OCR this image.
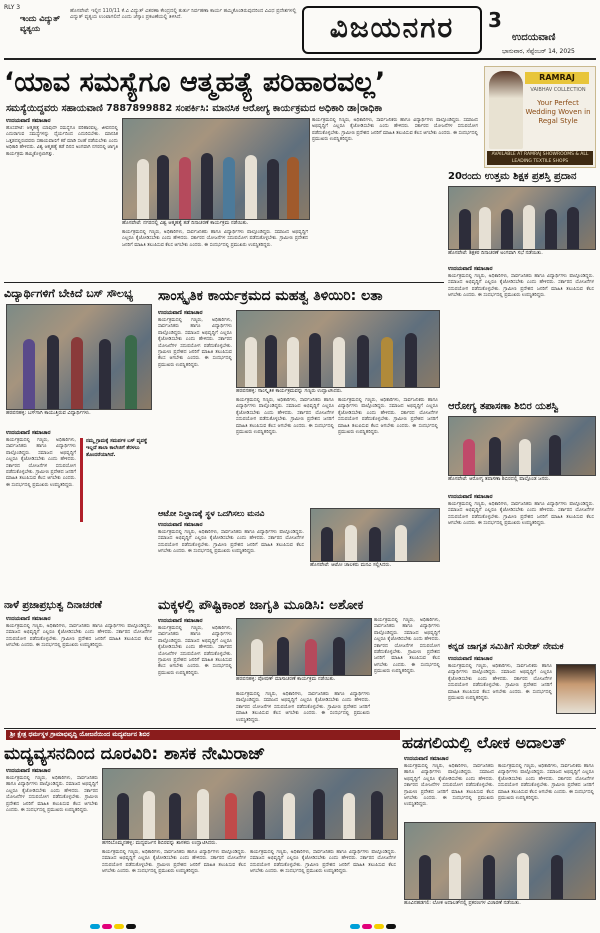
RLY 3
ಇಂದು ವಿದ್ಯುತ್ ವ್ಯತ್ಯಯ
ಹೊಸಪೇಟೆ: ಇಲ್ಲಿನ 110/11 ಕೆ.ವಿ ವಿದ್ಯುತ್ ವಿತರಣಾ ಕೇಂದ್ರದಲ್ಲಿ ತುರ್ತು ನಿರ್ವಹಣಾ ಕಾರ್ಯ ಹಮ್ಮಿಕೊಂಡಿರುವುದರಿಂದ ವಿವಿಧ ಪ್ರದೇಶಗಳಲ್ಲಿ ವಿದ್ಯುತ್ ವ್ಯತ್ಯಯ ಉಂಟಾಗಲಿದೆ ಎಂದು ಜೆಸ್ಕಾಂ ಪ್ರಕಟಣೆಯಲ್ಲಿ ತಿಳಿಸಿದೆ.	ವಿಜಯನಗರ	3
ಉದಯವಾಣಿ
ಭಾನುವಾರ, ಸೆಪ್ಟೆಂಬರ್ 14, 2025
‘ಯಾವ ಸಮಸ್ಯೆಗೂ ಆತ್ಮಹತ್ಯೆ ಪರಿಹಾರವಲ್ಲ’
ಸಮಸ್ಯೆಯಿದ್ದವರು ಸಹಾಯವಾಣಿ 7887899882 ಸಂಪರ್ಕಿಸಿ: ಮಾನಸಿಕ ಆರೋಗ್ಯ ಕಾರ್ಯಕ್ರಮದ ಅಧಿಕಾರಿ ಡಾ|ರಾಧಿಕಾ
ಉದಯವಾಣಿ ಸಮಾಚಾರ
ಹೊಸಪೇಟೆ: ಆತ್ಮಹತ್ಯೆ ಯಾವುದೇ ಸಮಸ್ಯೆಗೂ ಪರಿಹಾರವಲ್ಲ. ಜೀವನದಲ್ಲಿ ಎದುರಾಗುವ ಸಮಸ್ಯೆಗಳನ್ನು ಧೈರ್ಯದಿಂದ ಎದುರಿಸಬೇಕು. ಮಾನಸಿಕ ಒತ್ತಡದಲ್ಲಿರುವವರು ಸಹಾಯವಾಣಿಗೆ ಕರೆ ಮಾಡಿ ಸಲಹೆ ಪಡೆಯಬೇಕು ಎಂದು ಅಧಿಕಾರಿ ಹೇಳಿದರು. ವಿಶ್ವ ಆತ್ಮಹತ್ಯೆ ತಡೆ ದಿನದ ಅಂಗವಾಗಿ ನಗರದಲ್ಲಿ ಜಾಗೃತಿ ಕಾರ್ಯಕ್ರಮ ಹಮ್ಮಿಕೊಳ್ಳಲಾಗಿತ್ತು.
ಹೊಸಪೇಟೆ: ನಗರದಲ್ಲಿ ವಿಶ್ವ ಆತ್ಮಹತ್ಯೆ ತಡೆ ದಿನಾಚರಣೆ ಕಾರ್ಯಕ್ರಮ ನಡೆಯಿತು.
ಕಾರ್ಯಕ್ರಮದಲ್ಲಿ ಗಣ್ಯರು, ಅಧಿಕಾರಿಗಳು, ಸಾರ್ವಜನಿಕರು ಹಾಗೂ ವಿದ್ಯಾರ್ಥಿಗಳು ಪಾಲ್ಗೊಂಡಿದ್ದರು. ಸಮಾಜದ ಅಭಿವೃದ್ಧಿಗೆ ಎಲ್ಲರೂ ಕೈಜೋಡಿಸಬೇಕು ಎಂದು ಹೇಳಿದರು. ಸರ್ಕಾರದ ಯೋಜನೆಗಳ ಸದುಪಯೋಗ ಪಡೆದುಕೊಳ್ಳಬೇಕು. ಗ್ರಾಮೀಣ ಪ್ರದೇಶದ ಜನರಿಗೆ ಮಾಹಿತಿ ತಲುಪಿಸುವ ಕೆಲಸ ಆಗಬೇಕು ಎಂದರು. ಈ ಸಂದರ್ಭದಲ್ಲಿ ಪ್ರಮುಖರು ಉಪಸ್ಥಿತರಿದ್ದರು.
ಕಾರ್ಯಕ್ರಮದಲ್ಲಿ ಗಣ್ಯರು, ಅಧಿಕಾರಿಗಳು, ಸಾರ್ವಜನಿಕರು ಹಾಗೂ ವಿದ್ಯಾರ್ಥಿಗಳು ಪಾಲ್ಗೊಂಡಿದ್ದರು. ಸಮಾಜದ ಅಭಿವೃದ್ಧಿಗೆ ಎಲ್ಲರೂ ಕೈಜೋಡಿಸಬೇಕು ಎಂದು ಹೇಳಿದರು. ಸರ್ಕಾರದ ಯೋಜನೆಗಳ ಸದುಪಯೋಗ ಪಡೆದುಕೊಳ್ಳಬೇಕು. ಗ್ರಾಮೀಣ ಪ್ರದೇಶದ ಜನರಿಗೆ ಮಾಹಿತಿ ತಲುಪಿಸುವ ಕೆಲಸ ಆಗಬೇಕು ಎಂದರು. ಈ ಸಂದರ್ಭದಲ್ಲಿ ಪ್ರಮುಖರು ಉಪಸ್ಥಿತರಿದ್ದರು.
RAMRAJ
VAIBHAV COLLECTION
Your Perfect Wedding Woven in Regal Style
AVAILABLE AT RAMRAJ SHOWROOMS & ALL LEADING TEXTILE SHOPS
20ರಂದು ಉತ್ತಮ ಶಿಕ್ಷಕ ಪ್ರಶಸ್ತಿ ಪ್ರದಾನ
ಹೊಸಪೇಟೆ: ಶಿಕ್ಷಕರ ದಿನಾಚರಣೆ ಅಂಗವಾಗಿ ಸಭೆ ನಡೆಯಿತು.
ಉದಯವಾಣಿ ಸಮಾಚಾರ
ಕಾರ್ಯಕ್ರಮದಲ್ಲಿ ಗಣ್ಯರು, ಅಧಿಕಾರಿಗಳು, ಸಾರ್ವಜನಿಕರು ಹಾಗೂ ವಿದ್ಯಾರ್ಥಿಗಳು ಪಾಲ್ಗೊಂಡಿದ್ದರು. ಸಮಾಜದ ಅಭಿವೃದ್ಧಿಗೆ ಎಲ್ಲರೂ ಕೈಜೋಡಿಸಬೇಕು ಎಂದು ಹೇಳಿದರು. ಸರ್ಕಾರದ ಯೋಜನೆಗಳ ಸದುಪಯೋಗ ಪಡೆದುಕೊಳ್ಳಬೇಕು. ಗ್ರಾಮೀಣ ಪ್ರದೇಶದ ಜನರಿಗೆ ಮಾಹಿತಿ ತಲುಪಿಸುವ ಕೆಲಸ ಆಗಬೇಕು ಎಂದರು. ಈ ಸಂದರ್ಭದಲ್ಲಿ ಪ್ರಮುಖರು ಉಪಸ್ಥಿತರಿದ್ದರು.
ವಿದ್ಯಾರ್ಥಿಗಳಿಗೆ ಬೇಕಿದೆ ಬಸ್‌ ಸೌಲಭ್ಯ
ಹರಪನಹಳ್ಳಿ: ಬಸ್‌ಗಾಗಿ ಕಾಯುತ್ತಿರುವ ವಿದ್ಯಾರ್ಥಿಗಳು.
ಉದಯವಾಣಿ ಸಮಾಚಾರ
ಕಾರ್ಯಕ್ರಮದಲ್ಲಿ ಗಣ್ಯರು, ಅಧಿಕಾರಿಗಳು, ಸಾರ್ವಜನಿಕರು ಹಾಗೂ ವಿದ್ಯಾರ್ಥಿಗಳು ಪಾಲ್ಗೊಂಡಿದ್ದರು. ಸಮಾಜದ ಅಭಿವೃದ್ಧಿಗೆ ಎಲ್ಲರೂ ಕೈಜೋಡಿಸಬೇಕು ಎಂದು ಹೇಳಿದರು. ಸರ್ಕಾರದ ಯೋಜನೆಗಳ ಸದುಪಯೋಗ ಪಡೆದುಕೊಳ್ಳಬೇಕು. ಗ್ರಾಮೀಣ ಪ್ರದೇಶದ ಜನರಿಗೆ ಮಾಹಿತಿ ತಲುಪಿಸುವ ಕೆಲಸ ಆಗಬೇಕು ಎಂದರು. ಈ ಸಂದರ್ಭದಲ್ಲಿ ಪ್ರಮುಖರು ಉಪಸ್ಥಿತರಿದ್ದರು.
ನಮ್ಮ ಗ್ರಾಮಕ್ಕೆ ಸಮರ್ಪಕ ಬಸ್ ವ್ಯವಸ್ಥೆ ಇಲ್ಲದೆ ಶಾಲಾ ಕಾಲೇಜಿಗೆ ತೆರಳಲು ತೊಂದರೆಯಾಗಿದೆ.
ಸಾಂಸ್ಕೃತಿಕ ಕಾರ್ಯಕ್ರಮದ ಮಹತ್ವ ತಿಳಿಯಿರಿ: ಲತಾ
ಹರಪನಹಳ್ಳಿ: ಸಾಂಸ್ಕೃತಿಕ ಕಾರ್ಯಕ್ರಮವನ್ನು ಗಣ್ಯರು ಉದ್ಘಾಟಿಸಿದರು.
ಉದಯವಾಣಿ ಸಮಾಚಾರ
ಕಾರ್ಯಕ್ರಮದಲ್ಲಿ ಗಣ್ಯರು, ಅಧಿಕಾರಿಗಳು, ಸಾರ್ವಜನಿಕರು ಹಾಗೂ ವಿದ್ಯಾರ್ಥಿಗಳು ಪಾಲ್ಗೊಂಡಿದ್ದರು. ಸಮಾಜದ ಅಭಿವೃದ್ಧಿಗೆ ಎಲ್ಲರೂ ಕೈಜೋಡಿಸಬೇಕು ಎಂದು ಹೇಳಿದರು. ಸರ್ಕಾರದ ಯೋಜನೆಗಳ ಸದುಪಯೋಗ ಪಡೆದುಕೊಳ್ಳಬೇಕು. ಗ್ರಾಮೀಣ ಪ್ರದೇಶದ ಜನರಿಗೆ ಮಾಹಿತಿ ತಲುಪಿಸುವ ಕೆಲಸ ಆಗಬೇಕು ಎಂದರು. ಈ ಸಂದರ್ಭದಲ್ಲಿ ಪ್ರಮುಖರು ಉಪಸ್ಥಿತರಿದ್ದರು.
ಕಾರ್ಯಕ್ರಮದಲ್ಲಿ ಗಣ್ಯರು, ಅಧಿಕಾರಿಗಳು, ಸಾರ್ವಜನಿಕರು ಹಾಗೂ ವಿದ್ಯಾರ್ಥಿಗಳು ಪಾಲ್ಗೊಂಡಿದ್ದರು. ಸಮಾಜದ ಅಭಿವೃದ್ಧಿಗೆ ಎಲ್ಲರೂ ಕೈಜೋಡಿಸಬೇಕು ಎಂದು ಹೇಳಿದರು. ಸರ್ಕಾರದ ಯೋಜನೆಗಳ ಸದುಪಯೋಗ ಪಡೆದುಕೊಳ್ಳಬೇಕು. ಗ್ರಾಮೀಣ ಪ್ರದೇಶದ ಜನರಿಗೆ ಮಾಹಿತಿ ತಲುಪಿಸುವ ಕೆಲಸ ಆಗಬೇಕು ಎಂದರು. ಈ ಸಂದರ್ಭದಲ್ಲಿ ಪ್ರಮುಖರು ಉಪಸ್ಥಿತರಿದ್ದರು.
ಕಾರ್ಯಕ್ರಮದಲ್ಲಿ ಗಣ್ಯರು, ಅಧಿಕಾರಿಗಳು, ಸಾರ್ವಜನಿಕರು ಹಾಗೂ ವಿದ್ಯಾರ್ಥಿಗಳು ಪಾಲ್ಗೊಂಡಿದ್ದರು. ಸಮಾಜದ ಅಭಿವೃದ್ಧಿಗೆ ಎಲ್ಲರೂ ಕೈಜೋಡಿಸಬೇಕು ಎಂದು ಹೇಳಿದರು. ಸರ್ಕಾರದ ಯೋಜನೆಗಳ ಸದುಪಯೋಗ ಪಡೆದುಕೊಳ್ಳಬೇಕು. ಗ್ರಾಮೀಣ ಪ್ರದೇಶದ ಜನರಿಗೆ ಮಾಹಿತಿ ತಲುಪಿಸುವ ಕೆಲಸ ಆಗಬೇಕು ಎಂದರು. ಈ ಸಂದರ್ಭದಲ್ಲಿ ಪ್ರಮುಖರು ಉಪಸ್ಥಿತರಿದ್ದರು.
ಆರೋಗ್ಯ ತಪಾಸಣಾ ಶಿಬಿರ ಯಶಸ್ವಿ
ಹೊಸಪೇಟೆ: ಆರೋಗ್ಯ ತಪಾಸಣಾ ಶಿಬಿರದಲ್ಲಿ ಪಾಲ್ಗೊಂಡ ಜನರು.
ಉದಯವಾಣಿ ಸಮಾಚಾರ
ಕಾರ್ಯಕ್ರಮದಲ್ಲಿ ಗಣ್ಯರು, ಅಧಿಕಾರಿಗಳು, ಸಾರ್ವಜನಿಕರು ಹಾಗೂ ವಿದ್ಯಾರ್ಥಿಗಳು ಪಾಲ್ಗೊಂಡಿದ್ದರು. ಸಮಾಜದ ಅಭಿವೃದ್ಧಿಗೆ ಎಲ್ಲರೂ ಕೈಜೋಡಿಸಬೇಕು ಎಂದು ಹೇಳಿದರು. ಸರ್ಕಾರದ ಯೋಜನೆಗಳ ಸದುಪಯೋಗ ಪಡೆದುಕೊಳ್ಳಬೇಕು. ಗ್ರಾಮೀಣ ಪ್ರದೇಶದ ಜನರಿಗೆ ಮಾಹಿತಿ ತಲುಪಿಸುವ ಕೆಲಸ ಆಗಬೇಕು ಎಂದರು. ಈ ಸಂದರ್ಭದಲ್ಲಿ ಪ್ರಮುಖರು ಉಪಸ್ಥಿತರಿದ್ದರು.
ಆಟೋ ನಿಲ್ದಾಣಕ್ಕೆ ಸ್ಥಳ ಒದಗಿಸಲು ಮನವಿ
ಉದಯವಾಣಿ ಸಮಾಚಾರ
ಕಾರ್ಯಕ್ರಮದಲ್ಲಿ ಗಣ್ಯರು, ಅಧಿಕಾರಿಗಳು, ಸಾರ್ವಜನಿಕರು ಹಾಗೂ ವಿದ್ಯಾರ್ಥಿಗಳು ಪಾಲ್ಗೊಂಡಿದ್ದರು. ಸಮಾಜದ ಅಭಿವೃದ್ಧಿಗೆ ಎಲ್ಲರೂ ಕೈಜೋಡಿಸಬೇಕು ಎಂದು ಹೇಳಿದರು. ಸರ್ಕಾರದ ಯೋಜನೆಗಳ ಸದುಪಯೋಗ ಪಡೆದುಕೊಳ್ಳಬೇಕು. ಗ್ರಾಮೀಣ ಪ್ರದೇಶದ ಜನರಿಗೆ ಮಾಹಿತಿ ತಲುಪಿಸುವ ಕೆಲಸ ಆಗಬೇಕು ಎಂದರು. ಈ ಸಂದರ್ಭದಲ್ಲಿ ಪ್ರಮುಖರು ಉಪಸ್ಥಿತರಿದ್ದರು.
ಹೊಸಪೇಟೆ: ಆಟೋ ಚಾಲಕರು ಮನವಿ ಸಲ್ಲಿಸಿದರು.
ಮಕ್ಕಳಲ್ಲಿ ಪೌಷ್ಟಿಕಾಂಶ ಜಾಗೃತಿ ಮೂಡಿಸಿ: ಅಶೋಕ
ಉದಯವಾಣಿ ಸಮಾಚಾರ
ಕಾರ್ಯಕ್ರಮದಲ್ಲಿ ಗಣ್ಯರು, ಅಧಿಕಾರಿಗಳು, ಸಾರ್ವಜನಿಕರು ಹಾಗೂ ವಿದ್ಯಾರ್ಥಿಗಳು ಪಾಲ್ಗೊಂಡಿದ್ದರು. ಸಮಾಜದ ಅಭಿವೃದ್ಧಿಗೆ ಎಲ್ಲರೂ ಕೈಜೋಡಿಸಬೇಕು ಎಂದು ಹೇಳಿದರು. ಸರ್ಕಾರದ ಯೋಜನೆಗಳ ಸದುಪಯೋಗ ಪಡೆದುಕೊಳ್ಳಬೇಕು. ಗ್ರಾಮೀಣ ಪ್ರದೇಶದ ಜನರಿಗೆ ಮಾಹಿತಿ ತಲುಪಿಸುವ ಕೆಲಸ ಆಗಬೇಕು ಎಂದರು. ಈ ಸಂದರ್ಭದಲ್ಲಿ ಪ್ರಮುಖರು ಉಪಸ್ಥಿತರಿದ್ದರು.
ಹರಪನಹಳ್ಳಿ: ಪೋಷಣ್ ಮಾಸಾಚರಣೆ ಕಾರ್ಯಕ್ರಮ ನಡೆಯಿತು.
ಕಾರ್ಯಕ್ರಮದಲ್ಲಿ ಗಣ್ಯರು, ಅಧಿಕಾರಿಗಳು, ಸಾರ್ವಜನಿಕರು ಹಾಗೂ ವಿದ್ಯಾರ್ಥಿಗಳು ಪಾಲ್ಗೊಂಡಿದ್ದರು. ಸಮಾಜದ ಅಭಿವೃದ್ಧಿಗೆ ಎಲ್ಲರೂ ಕೈಜೋಡಿಸಬೇಕು ಎಂದು ಹೇಳಿದರು. ಸರ್ಕಾರದ ಯೋಜನೆಗಳ ಸದುಪಯೋಗ ಪಡೆದುಕೊಳ್ಳಬೇಕು. ಗ್ರಾಮೀಣ ಪ್ರದೇಶದ ಜನರಿಗೆ ಮಾಹಿತಿ ತಲುಪಿಸುವ ಕೆಲಸ ಆಗಬೇಕು ಎಂದರು. ಈ ಸಂದರ್ಭದಲ್ಲಿ ಪ್ರಮುಖರು ಉಪಸ್ಥಿತರಿದ್ದರು.
ಕಾರ್ಯಕ್ರಮದಲ್ಲಿ ಗಣ್ಯರು, ಅಧಿಕಾರಿಗಳು, ಸಾರ್ವಜನಿಕರು ಹಾಗೂ ವಿದ್ಯಾರ್ಥಿಗಳು ಪಾಲ್ಗೊಂಡಿದ್ದರು. ಸಮಾಜದ ಅಭಿವೃದ್ಧಿಗೆ ಎಲ್ಲರೂ ಕೈಜೋಡಿಸಬೇಕು ಎಂದು ಹೇಳಿದರು. ಸರ್ಕಾರದ ಯೋಜನೆಗಳ ಸದುಪಯೋಗ ಪಡೆದುಕೊಳ್ಳಬೇಕು. ಗ್ರಾಮೀಣ ಪ್ರದೇಶದ ಜನರಿಗೆ ಮಾಹಿತಿ ತಲುಪಿಸುವ ಕೆಲಸ ಆಗಬೇಕು ಎಂದರು. ಈ ಸಂದರ್ಭದಲ್ಲಿ ಪ್ರಮುಖರು ಉಪಸ್ಥಿತರಿದ್ದರು.
ನಾಳೆ ಪ್ರಜಾಪ್ರಭುತ್ವ ದಿನಾಚರಣೆ
ಉದಯವಾಣಿ ಸಮಾಚಾರ
ಕಾರ್ಯಕ್ರಮದಲ್ಲಿ ಗಣ್ಯರು, ಅಧಿಕಾರಿಗಳು, ಸಾರ್ವಜನಿಕರು ಹಾಗೂ ವಿದ್ಯಾರ್ಥಿಗಳು ಪಾಲ್ಗೊಂಡಿದ್ದರು. ಸಮಾಜದ ಅಭಿವೃದ್ಧಿಗೆ ಎಲ್ಲರೂ ಕೈಜೋಡಿಸಬೇಕು ಎಂದು ಹೇಳಿದರು. ಸರ್ಕಾರದ ಯೋಜನೆಗಳ ಸದುಪಯೋಗ ಪಡೆದುಕೊಳ್ಳಬೇಕು. ಗ್ರಾಮೀಣ ಪ್ರದೇಶದ ಜನರಿಗೆ ಮಾಹಿತಿ ತಲುಪಿಸುವ ಕೆಲಸ ಆಗಬೇಕು ಎಂದರು. ಈ ಸಂದರ್ಭದಲ್ಲಿ ಪ್ರಮುಖರು ಉಪಸ್ಥಿತರಿದ್ದರು.	ಕನ್ನಡ ಜಾಗೃತ ಸಮಿತಿಗೆ ಸುರೇಶ್ ನೇಮಕ
ಉದಯವಾಣಿ ಸಮಾಚಾರ
ಕಾರ್ಯಕ್ರಮದಲ್ಲಿ ಗಣ್ಯರು, ಅಧಿಕಾರಿಗಳು, ಸಾರ್ವಜನಿಕರು ಹಾಗೂ ವಿದ್ಯಾರ್ಥಿಗಳು ಪಾಲ್ಗೊಂಡಿದ್ದರು. ಸಮಾಜದ ಅಭಿವೃದ್ಧಿಗೆ ಎಲ್ಲರೂ ಕೈಜೋಡಿಸಬೇಕು ಎಂದು ಹೇಳಿದರು. ಸರ್ಕಾರದ ಯೋಜನೆಗಳ ಸದುಪಯೋಗ ಪಡೆದುಕೊಳ್ಳಬೇಕು. ಗ್ರಾಮೀಣ ಪ್ರದೇಶದ ಜನರಿಗೆ ಮಾಹಿತಿ ತಲುಪಿಸುವ ಕೆಲಸ ಆಗಬೇಕು ಎಂದರು. ಈ ಸಂದರ್ಭದಲ್ಲಿ ಪ್ರಮುಖರು ಉಪಸ್ಥಿತರಿದ್ದರು.
ಶ್ರೀ ಕ್ಷೇತ್ರ ಧರ್ಮಸ್ಥಳ ಗ್ರಾಮಾಭಿವೃದ್ಧಿ ಯೋಜನೆಯಿಂದ ಮದ್ಯವರ್ಜನ ಶಿಬಿರ
ಮದ್ಯವ್ಯಸನದಿಂದ ದೂರವಿರಿ: ಶಾಸಕ ನೇಮಿರಾಜ್
ಉದಯವಾಣಿ ಸಮಾಚಾರ
ಕಾರ್ಯಕ್ರಮದಲ್ಲಿ ಗಣ್ಯರು, ಅಧಿಕಾರಿಗಳು, ಸಾರ್ವಜನಿಕರು ಹಾಗೂ ವಿದ್ಯಾರ್ಥಿಗಳು ಪಾಲ್ಗೊಂಡಿದ್ದರು. ಸಮಾಜದ ಅಭಿವೃದ್ಧಿಗೆ ಎಲ್ಲರೂ ಕೈಜೋಡಿಸಬೇಕು ಎಂದು ಹೇಳಿದರು. ಸರ್ಕಾರದ ಯೋಜನೆಗಳ ಸದುಪಯೋಗ ಪಡೆದುಕೊಳ್ಳಬೇಕು. ಗ್ರಾಮೀಣ ಪ್ರದೇಶದ ಜನರಿಗೆ ಮಾಹಿತಿ ತಲುಪಿಸುವ ಕೆಲಸ ಆಗಬೇಕು ಎಂದರು. ಈ ಸಂದರ್ಭದಲ್ಲಿ ಪ್ರಮುಖರು ಉಪಸ್ಥಿತರಿದ್ದರು.
ಹಗರಿಬೊಮ್ಮನಹಳ್ಳಿ: ಮದ್ಯವರ್ಜನ ಶಿಬಿರವನ್ನು ಶಾಸಕರು ಉದ್ಘಾಟಿಸಿದರು.
ಕಾರ್ಯಕ್ರಮದಲ್ಲಿ ಗಣ್ಯರು, ಅಧಿಕಾರಿಗಳು, ಸಾರ್ವಜನಿಕರು ಹಾಗೂ ವಿದ್ಯಾರ್ಥಿಗಳು ಪಾಲ್ಗೊಂಡಿದ್ದರು. ಸಮಾಜದ ಅಭಿವೃದ್ಧಿಗೆ ಎಲ್ಲರೂ ಕೈಜೋಡಿಸಬೇಕು ಎಂದು ಹೇಳಿದರು. ಸರ್ಕಾರದ ಯೋಜನೆಗಳ ಸದುಪಯೋಗ ಪಡೆದುಕೊಳ್ಳಬೇಕು. ಗ್ರಾಮೀಣ ಪ್ರದೇಶದ ಜನರಿಗೆ ಮಾಹಿತಿ ತಲುಪಿಸುವ ಕೆಲಸ ಆಗಬೇಕು ಎಂದರು. ಈ ಸಂದರ್ಭದಲ್ಲಿ ಪ್ರಮುಖರು ಉಪಸ್ಥಿತರಿದ್ದರು.
ಕಾರ್ಯಕ್ರಮದಲ್ಲಿ ಗಣ್ಯರು, ಅಧಿಕಾರಿಗಳು, ಸಾರ್ವಜನಿಕರು ಹಾಗೂ ವಿದ್ಯಾರ್ಥಿಗಳು ಪಾಲ್ಗೊಂಡಿದ್ದರು. ಸಮಾಜದ ಅಭಿವೃದ್ಧಿಗೆ ಎಲ್ಲರೂ ಕೈಜೋಡಿಸಬೇಕು ಎಂದು ಹೇಳಿದರು. ಸರ್ಕಾರದ ಯೋಜನೆಗಳ ಸದುಪಯೋಗ ಪಡೆದುಕೊಳ್ಳಬೇಕು. ಗ್ರಾಮೀಣ ಪ್ರದೇಶದ ಜನರಿಗೆ ಮಾಹಿತಿ ತಲುಪಿಸುವ ಕೆಲಸ ಆಗಬೇಕು ಎಂದರು. ಈ ಸಂದರ್ಭದಲ್ಲಿ ಪ್ರಮುಖರು ಉಪಸ್ಥಿತರಿದ್ದರು.
ಹಡಗಲಿಯಲ್ಲಿ ಲೋಕ ಅದಾಲತ್
ಉದಯವಾಣಿ ಸಮಾಚಾರ
ಕಾರ್ಯಕ್ರಮದಲ್ಲಿ ಗಣ್ಯರು, ಅಧಿಕಾರಿಗಳು, ಸಾರ್ವಜನಿಕರು ಹಾಗೂ ವಿದ್ಯಾರ್ಥಿಗಳು ಪಾಲ್ಗೊಂಡಿದ್ದರು. ಸಮಾಜದ ಅಭಿವೃದ್ಧಿಗೆ ಎಲ್ಲರೂ ಕೈಜೋಡಿಸಬೇಕು ಎಂದು ಹೇಳಿದರು. ಸರ್ಕಾರದ ಯೋಜನೆಗಳ ಸದುಪಯೋಗ ಪಡೆದುಕೊಳ್ಳಬೇಕು. ಗ್ರಾಮೀಣ ಪ್ರದೇಶದ ಜನರಿಗೆ ಮಾಹಿತಿ ತಲುಪಿಸುವ ಕೆಲಸ ಆಗಬೇಕು ಎಂದರು. ಈ ಸಂದರ್ಭದಲ್ಲಿ ಪ್ರಮುಖರು ಉಪಸ್ಥಿತರಿದ್ದರು.
ಕಾರ್ಯಕ್ರಮದಲ್ಲಿ ಗಣ್ಯರು, ಅಧಿಕಾರಿಗಳು, ಸಾರ್ವಜನಿಕರು ಹಾಗೂ ವಿದ್ಯಾರ್ಥಿಗಳು ಪಾಲ್ಗೊಂಡಿದ್ದರು. ಸಮಾಜದ ಅಭಿವೃದ್ಧಿಗೆ ಎಲ್ಲರೂ ಕೈಜೋಡಿಸಬೇಕು ಎಂದು ಹೇಳಿದರು. ಸರ್ಕಾರದ ಯೋಜನೆಗಳ ಸದುಪಯೋಗ ಪಡೆದುಕೊಳ್ಳಬೇಕು. ಗ್ರಾಮೀಣ ಪ್ರದೇಶದ ಜನರಿಗೆ ಮಾಹಿತಿ ತಲುಪಿಸುವ ಕೆಲಸ ಆಗಬೇಕು ಎಂದರು. ಈ ಸಂದರ್ಭದಲ್ಲಿ ಪ್ರಮುಖರು ಉಪಸ್ಥಿತರಿದ್ದರು.
ಹೂವಿನಹಡಗಲಿ: ಲೋಕ ಅದಾಲತ್‌ನಲ್ಲಿ ಪ್ರಕರಣಗಳ ವಿಚಾರಣೆ ನಡೆಯಿತು.
